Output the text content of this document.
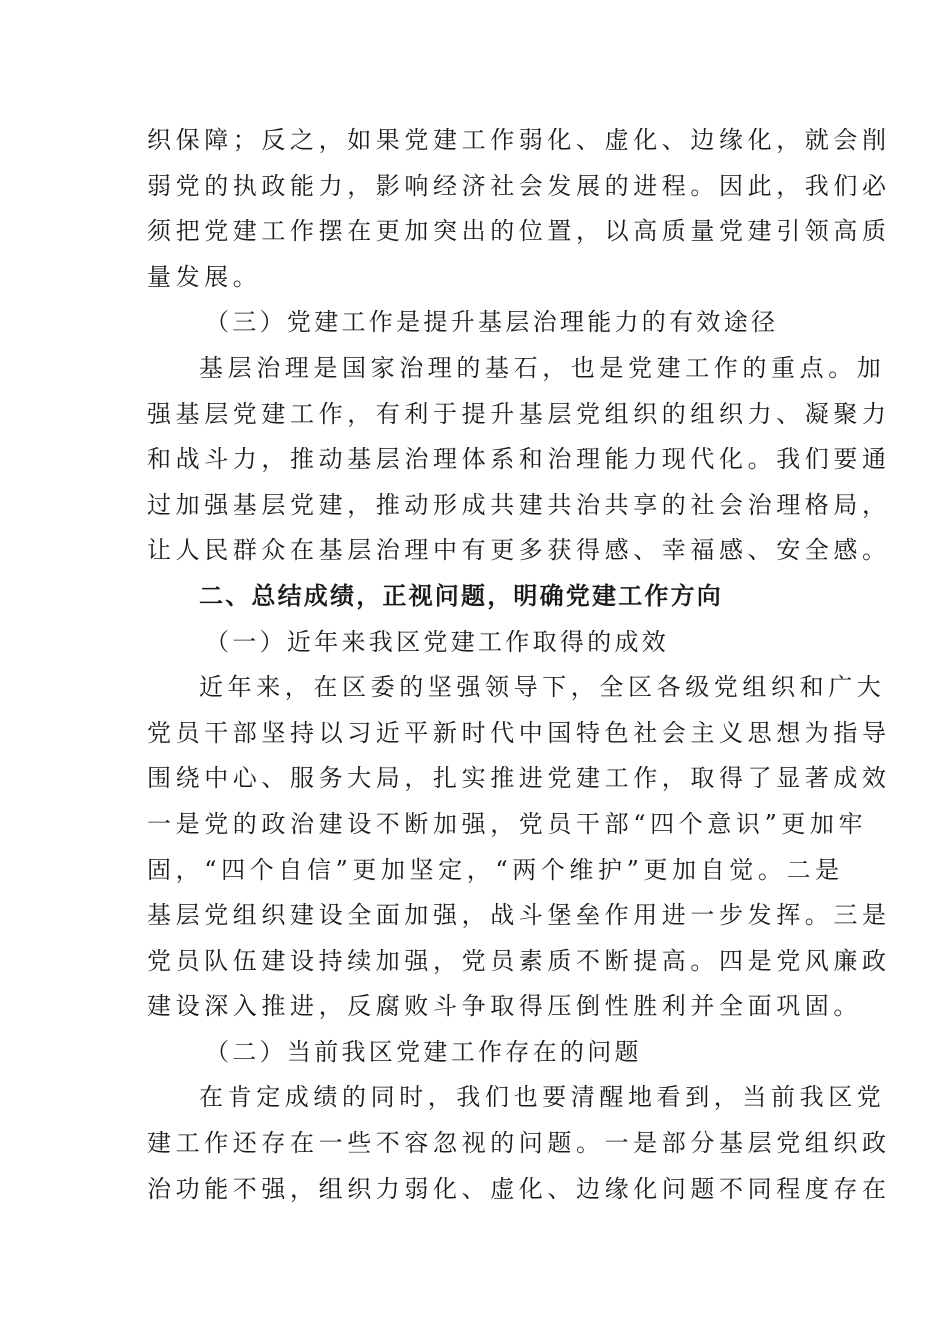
织保障；反之，如果党建工作弱化、虚化、边缘化，就会削
弱党的执政能力，影响经济社会发展的进程。因此，我们必
须把党建工作摆在更加突出的位置，以高质量党建引领高质
量发展。
（三）党建工作是提升基层治理能力的有效途径
基层治理是国家治理的基石，也是党建工作的重点。加
强基层党建工作，有利于提升基层党组织的组织力、凝聚力
和战斗力，推动基层治理体系和治理能力现代化。我们要通
过加强基层党建，推动形成共建共治共享的社会治理格局，
让人民群众在基层治理中有更多获得感、幸福感、安全感。
二、总结成绩，正视问题，明确党建工作方向
（一）近年来我区党建工作取得的成效
近年来，在区委的坚强领导下，全区各级党组织和广大
党员干部坚持以习近平新时代中国特色社会主义思想为指导
围绕中心、服务大局，扎实推进党建工作，取得了显著成效
一是党的政治建设不断加强，党员干部“四个意识”更加牢
固，“四个自信”更加坚定，“两个维护”更加自觉。二是
基层党组织建设全面加强，战斗堡垒作用进一步发挥。三是
党员队伍建设持续加强，党员素质不断提高。四是党风廉政
建设深入推进，反腐败斗争取得压倒性胜利并全面巩固。
（二）当前我区党建工作存在的问题
在肯定成绩的同时，我们也要清醒地看到，当前我区党
建工作还存在一些不容忽视的问题。一是部分基层党组织政
治功能不强，组织力弱化、虚化、边缘化问题不同程度存在
